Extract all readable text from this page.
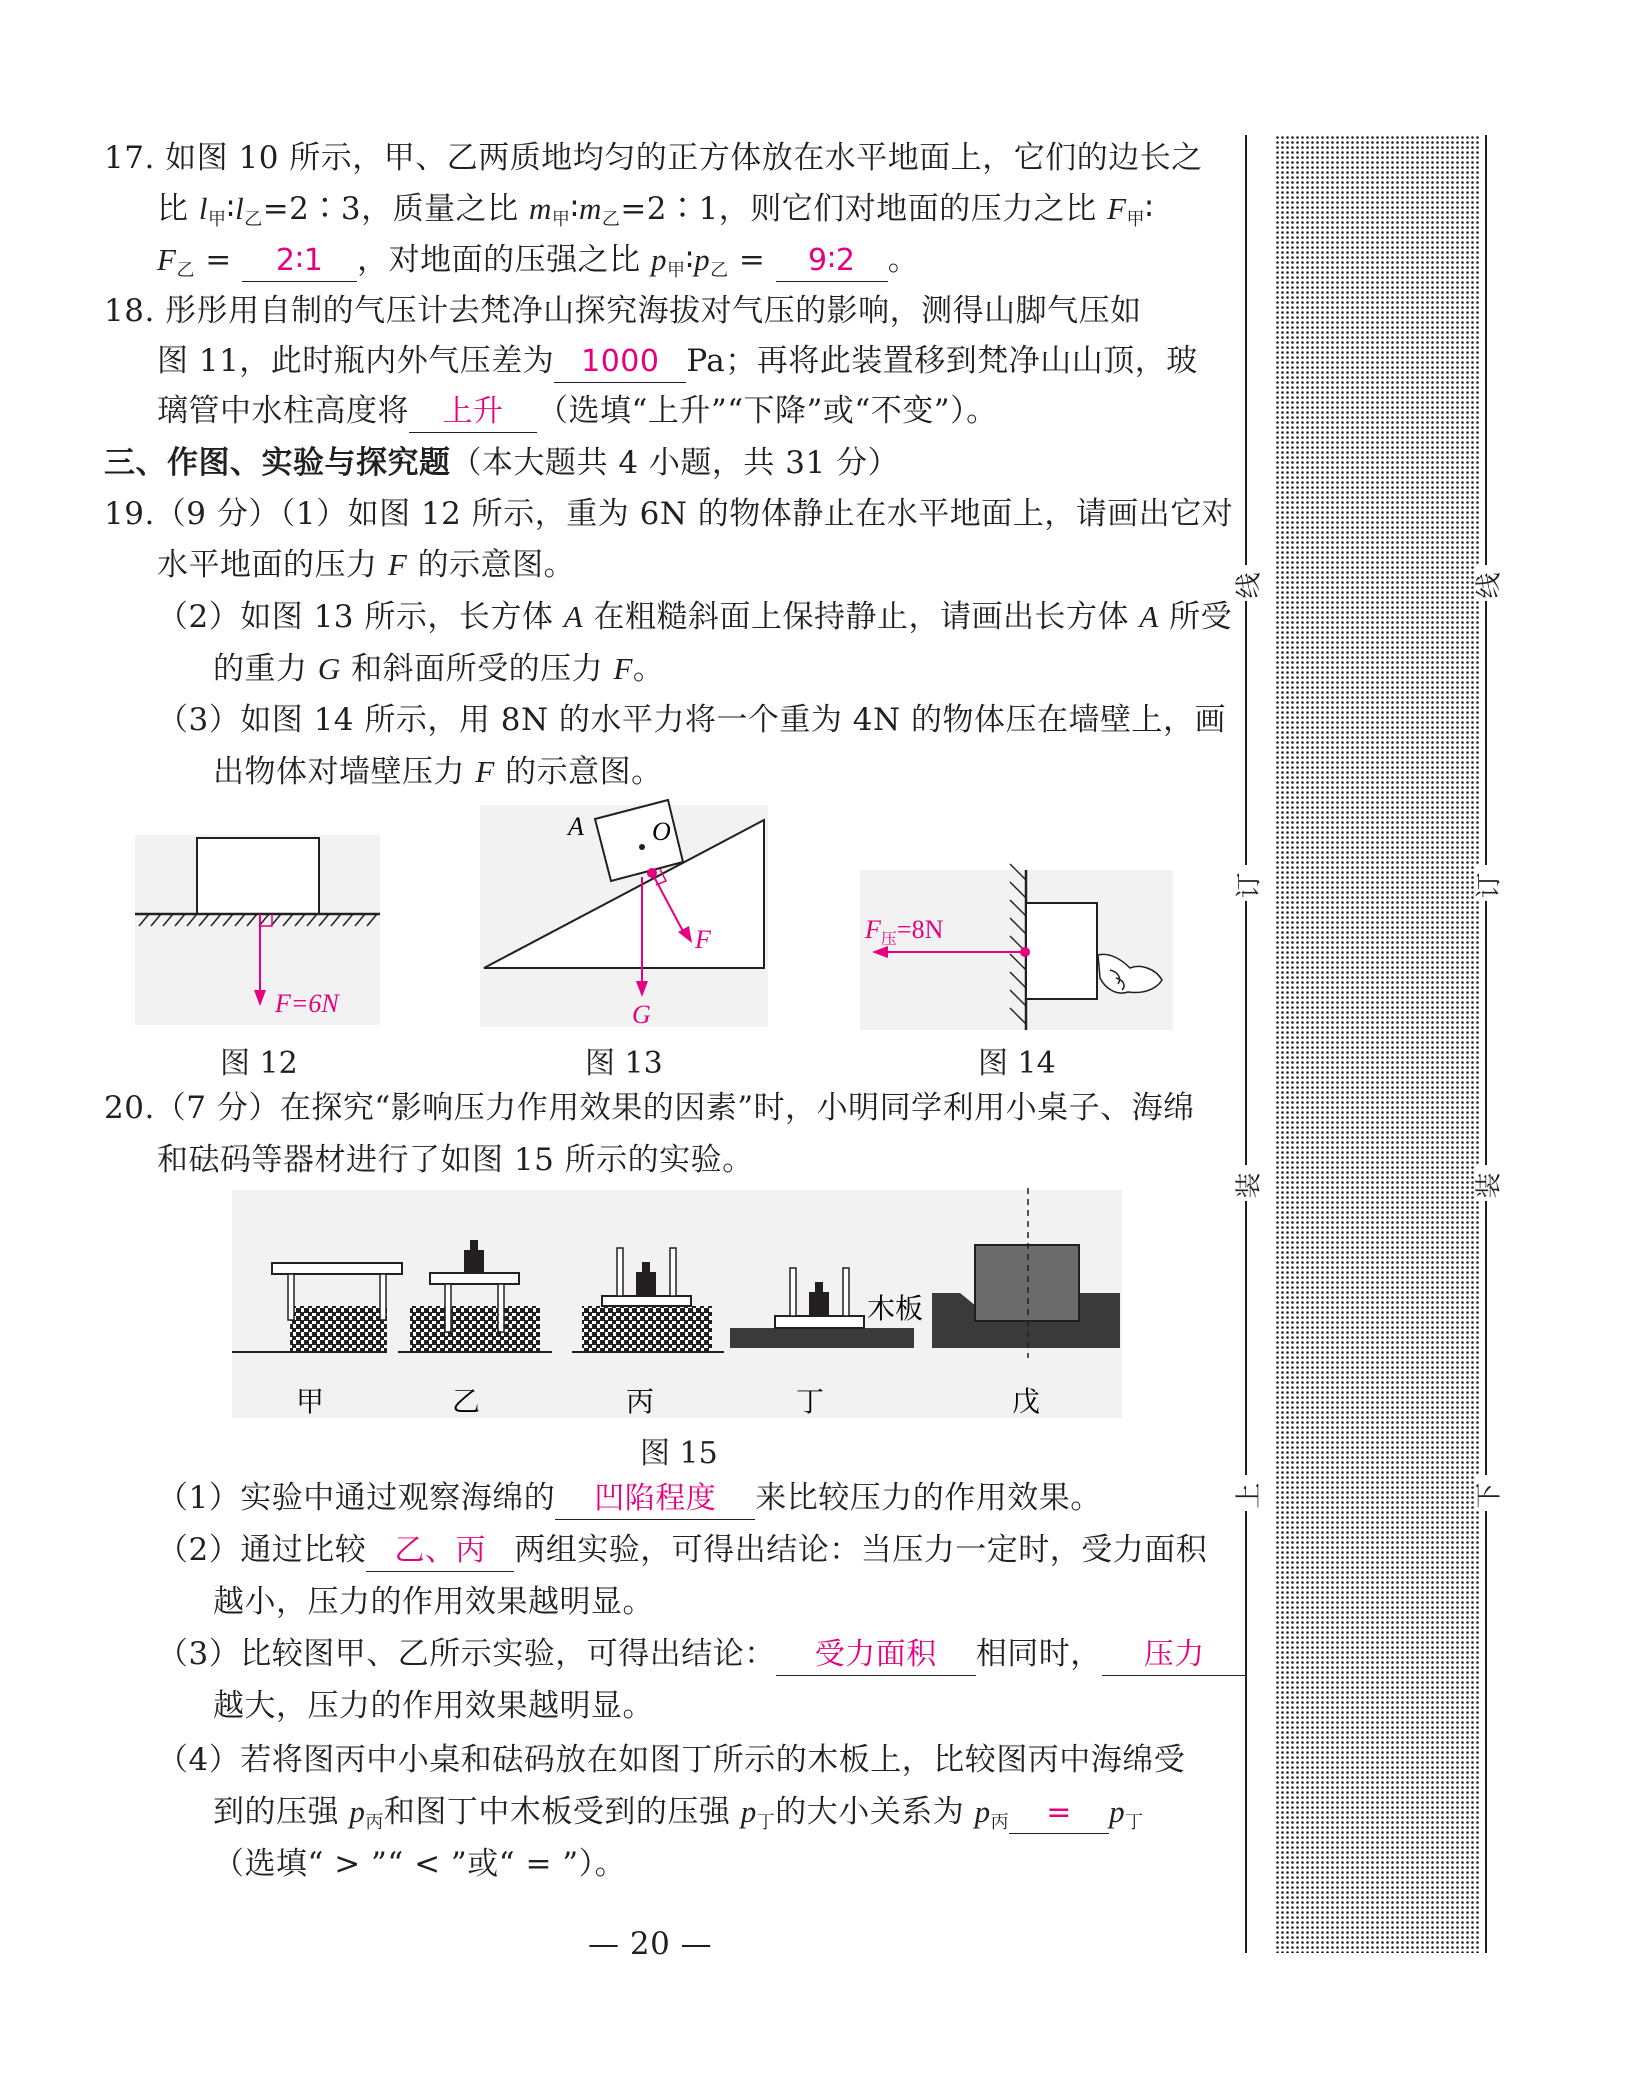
17. 如图 10 所示，甲、乙两质地均匀的正方体放在水平地面上，它们的边长之
比 $l_甲∶l_乙=2∶3$，质量之比 $m_甲∶m_乙=2∶1$，则它们对地面的压力之比 $F_甲∶$
$F_乙$ = 2∶1 ，对地面的压强之比 $p_甲∶p_乙$ = 9∶2 。
18. 彤彤用自制的气压计去梵净山探究海拔对气压的影响，测得山脚气压如
图 11，此时瓶内外气压差为 1000 Pa；再将此装置移到梵净山山顶，玻
璃管中水柱高度将 上升 （选填“上升”“下降”或“不变”）。
三、作图、实验与探究题（本大题共 4 小题，共 31 分）
19.（9 分）（1）如图 12 所示，重为 6N 的物体静止在水平地面上，请画出它对
水平地面的压力 F 的示意图。
（2）如图 13 所示，长方体 A 在粗糙斜面上保持静止，请画出长方体 A 所受
的重力 G 和斜面所受的压力 F。
（3）如图 14 所示，用 8N 的水平力将一个重为 4N 的物体压在墙壁上，画
出物体对墙壁压力 F 的示意图。
F=6N
图 12
O
A
F
G
图 13
$F_压=8N$
图 14
20.（7 分）在探究“影响压力作用效果的因素”时，小明同学利用小桌子、海绵
和砝码等器材进行了如图 15 所示的实验。
木板
甲	乙	丙	丁	戊
图 15
（1）实验中通过观察海绵的 凹陷程度 来比较压力的作用效果。
（2）通过比较 乙、丙 两组实验，可得出结论：当压力一定时，受力面积
越小，压力的作用效果越明显。
（3）比较图甲、乙所示实验，可得出结论： 受力面积 相同时， 压力
越大，压力的作用效果越明显。
（4）若将图丙中小桌和砝码放在如图丁所示的木板上，比较图丙中海绵受
到的压强 $p_丙$和图丁中木板受到的压强 $p_丁$的大小关系为 $p_丙 = p_丁$
（选填“ > ”“ < ”或“ = ”）。
— 20 —
线
订
装
上
线
订
装
下
